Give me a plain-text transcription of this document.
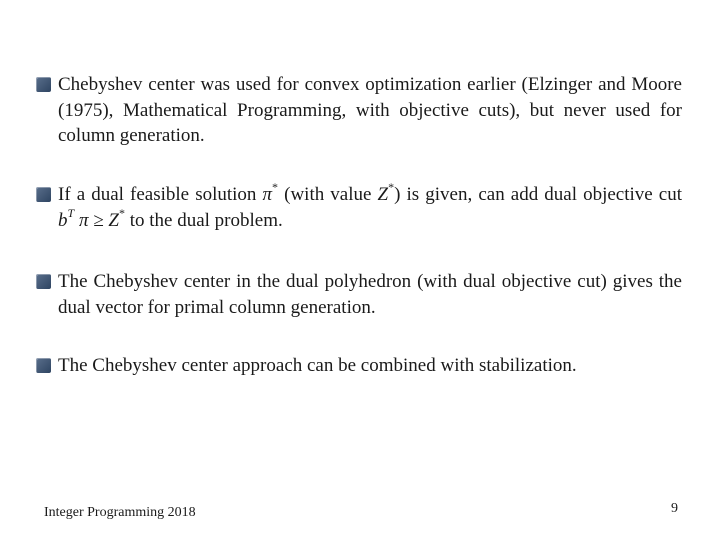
Chebyshev center was used for convex optimization earlier (Elzinger and Moore (1975), Mathematical Programming, with objective cuts), but never used for column generation.
If a dual feasible solution π* (with value Z*) is given, can add dual objective cut $b^T$ π ≥ Z* to the dual problem.
The Chebyshev center in the dual polyhedron (with dual objective cut) gives the dual vector for primal column generation.
The Chebyshev center approach can be combined with stabilization.
Integer Programming 2018	9
